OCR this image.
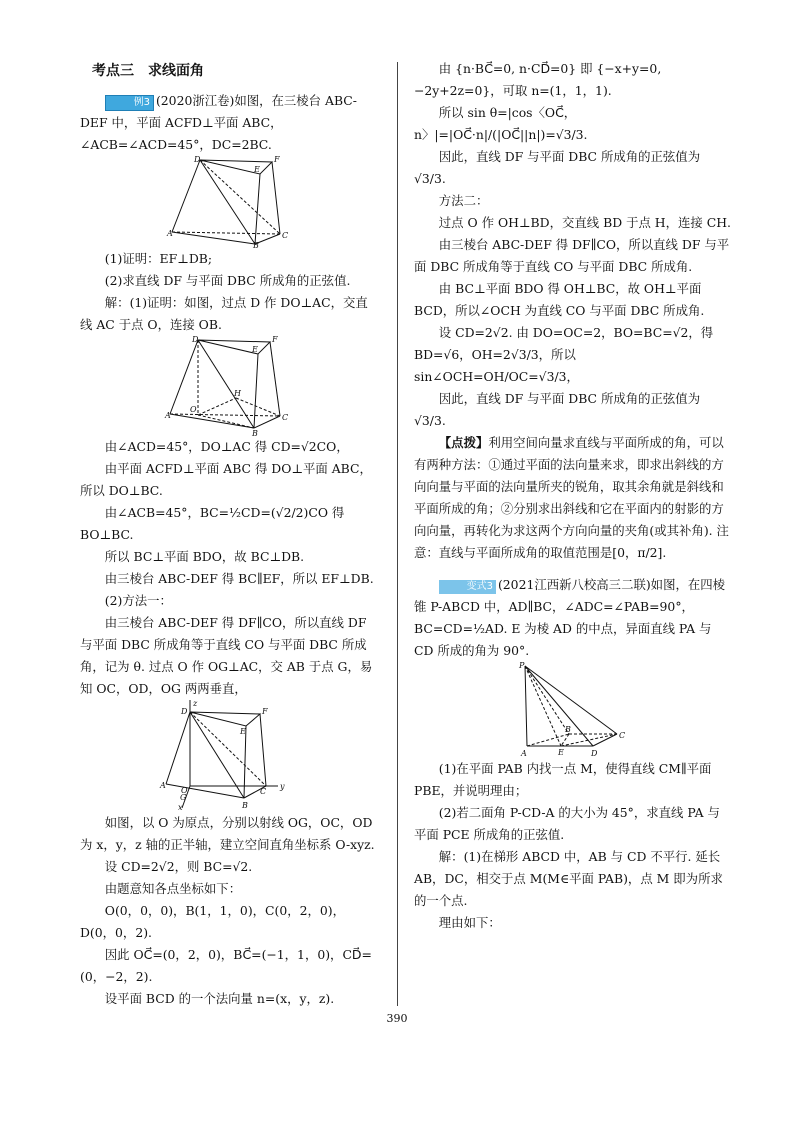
考点三　求线面角

例3 (2020浙江卷)如图，在三棱台 ABC-DEF 中，平面 ACFD⊥平面 ABC，∠ACB=∠ACD=45°，DC=2BC.

D	F
E
A	C
B

(1)证明：EF⊥DB;

(2)求直线 DF 与平面 DBC 所成角的正弦值.

解：(1)证明：如图，过点 D 作 DO⊥AC，交直线 AC 于点 O，连接 OB.

D	F
E
A	C
B
O
H

由∠ACD=45°，DO⊥AC 得 CD=√2CO，

由平面 ACFD⊥平面 ABC 得 DO⊥平面 ABC，所以 DO⊥BC.

由∠ACB=45°，BC=½CD=(√2/2)CO 得 BO⊥BC.

所以 BC⊥平面 BDO，故 BC⊥DB.

由三棱台 ABC-DEF 得 BC∥EF，所以 EF⊥DB.

(2)方法一：

由三棱台 ABC-DEF 得 DF∥CO，所以直线 DF 与平面 DBC 所成角等于直线 CO 与平面 DBC 所成角，记为 θ. 过点 O 作 OG⊥AC，交 AB 于点 G，易知 OC，OD，OG 两两垂直，

z
D	F
E
A
O
G
x
C
y
B

如图，以 O 为原点，分别以射线 OG，OC，OD 为 x，y，z 轴的正半轴，建立空间直角坐标系 O-xyz.

设 CD=2√2，则 BC=√2.

由题意知各点坐标如下：

O(0，0，0)，B(1，1，0)，C(0，2，0)，D(0，0，2).

因此 OC⃗=(0，2，0)，BC⃗=(−1，1，0)，CD⃗=(0，−2，2).

设平面 BCD 的一个法向量 n=(x，y，z).

由 {n·BC⃗=0, n·CD⃗=0} 即 {−x+y=0, −2y+2z=0}，可取 n=(1，1，1).

所以 sin θ=|cos〈OC⃗，n〉|=|OC⃗·n|/(|OC⃗||n|)=√3/3.

因此，直线 DF 与平面 DBC 所成角的正弦值为 √3/3.

方法二：

过点 O 作 OH⊥BD，交直线 BD 于点 H，连接 CH.

由三棱台 ABC-DEF 得 DF∥CO，所以直线 DF 与平面 DBC 所成角等于直线 CO 与平面 DBC 所成角.

由 BC⊥平面 BDO 得 OH⊥BC，故 OH⊥平面 BCD，所以∠OCH 为直线 CO 与平面 DBC 所成角.

设 CD=2√2. 由 DO=OC=2，BO=BC=√2，得 BD=√6，OH=2√3/3，所以 sin∠OCH=OH/OC=√3/3，

因此，直线 DF 与平面 DBC 所成角的正弦值为 √3/3.

【点拨】利用空间向量求直线与平面所成的角，可以有两种方法：①通过平面的法向量来求，即求出斜线的方向向量与平面的法向量所夹的锐角，取其余角就是斜线和平面所成的角；②分别求出斜线和它在平面内的射影的方向向量，再转化为求这两个方向向量的夹角(或其补角). 注意：直线与平面所成角的取值范围是[0，π/2].

变式3 (2021江西新八校高三二联)如图，在四棱锥 P-ABCD 中，AD∥BC，∠ADC=∠PAB=90°，BC=CD=½AD. E 为棱 AD 的中点，异面直线 PA 与 CD 所成的角为 90°.

P
A
B
C
D
E

(1)在平面 PAB 内找一点 M，使得直线 CM∥平面 PBE，并说明理由；

(2)若二面角 P-CD-A 的大小为 45°，求直线 PA 与平面 PCE 所成角的正弦值.

解：(1)在梯形 ABCD 中，AB 与 CD 不平行. 延长 AB，DC，相交于点 M(M∈平面 PAB)，点 M 即为所求的一个点.

理由如下：

390
